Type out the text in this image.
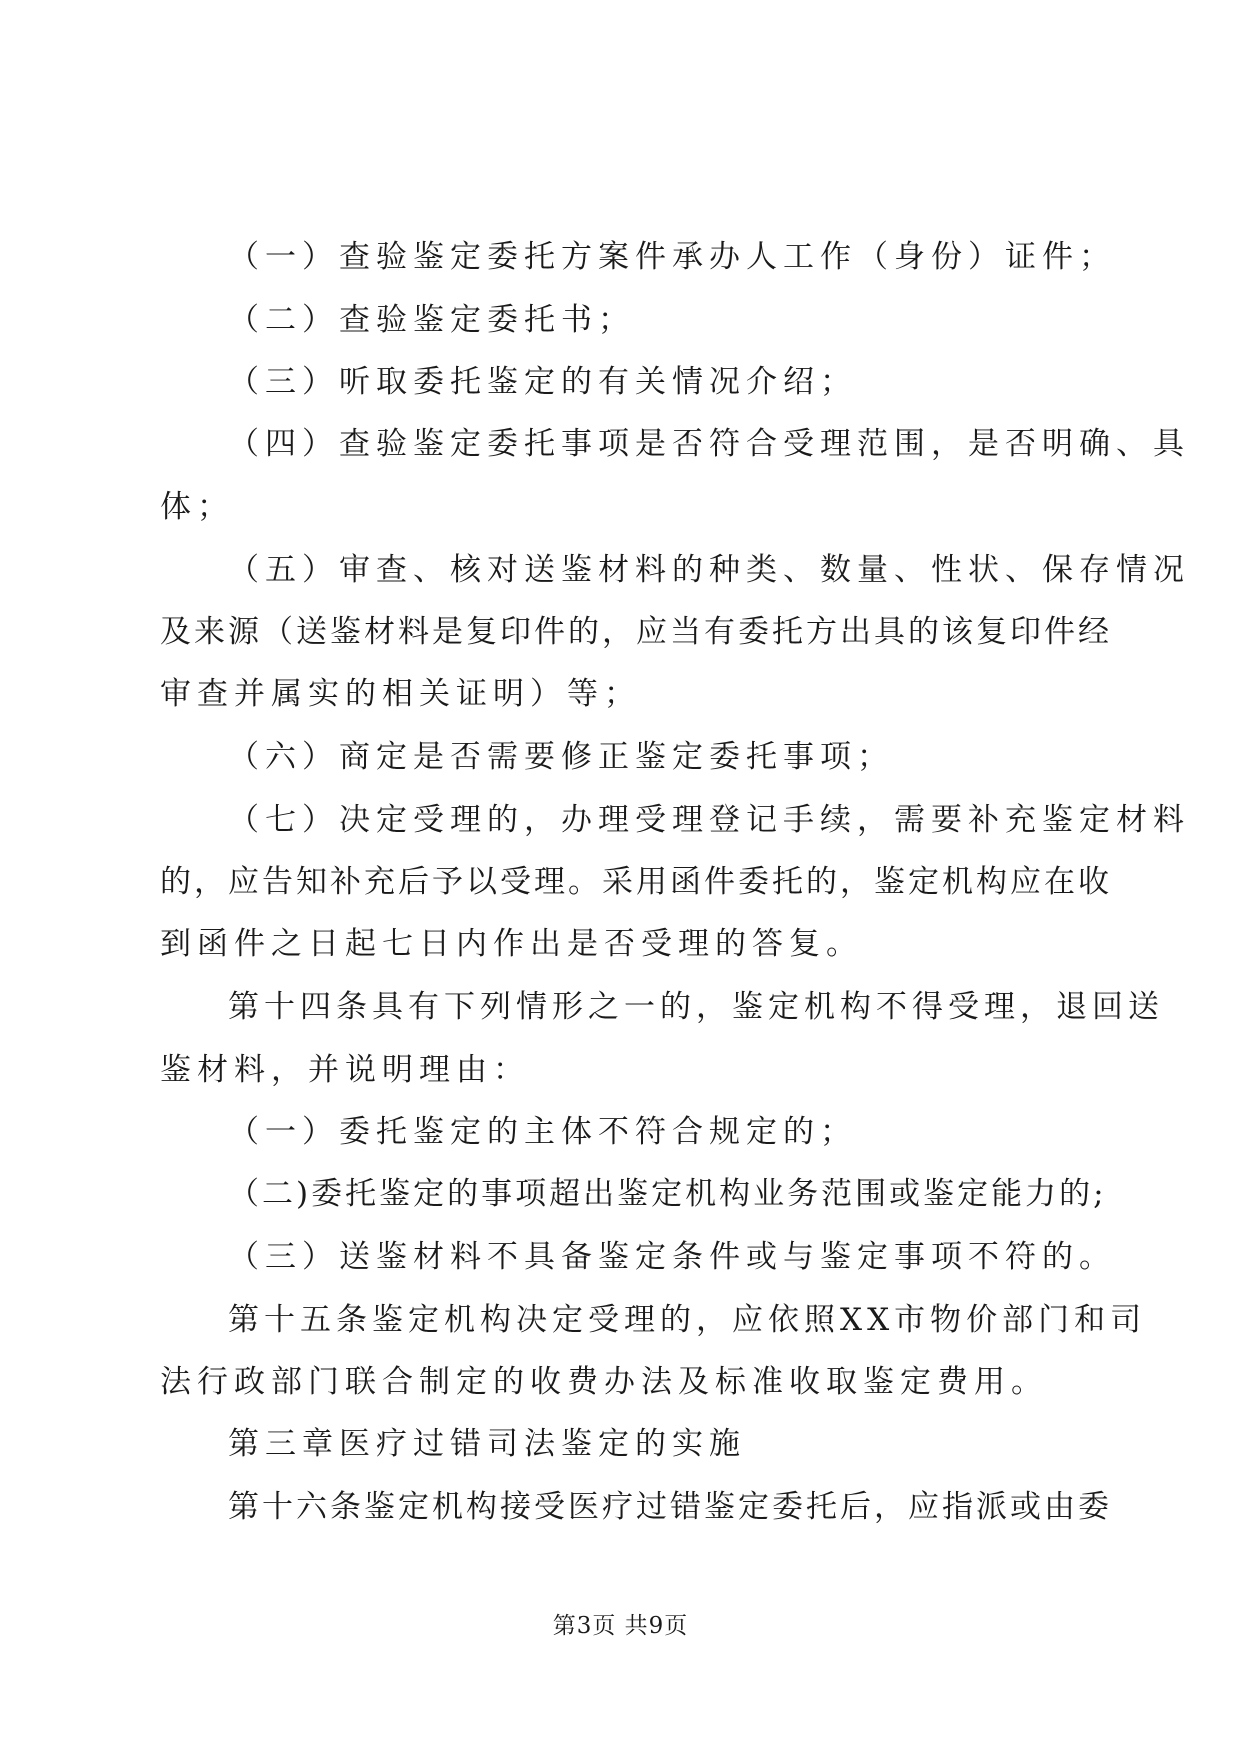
（一）查验鉴定委托方案件承办人工作（身份）证件；
（二）查验鉴定委托书；
（三）听取委托鉴定的有关情况介绍；
（四）查验鉴定委托事项是否符合受理范围，是否明确、具
体；
（五）审查、核对送鉴材料的种类、数量、性状、保存情况
及来源（送鉴材料是复印件的，应当有委托方出具的该复印件经
审查并属实的相关证明）等；
（六）商定是否需要修正鉴定委托事项；
（七）决定受理的，办理受理登记手续，需要补充鉴定材料
的，应告知补充后予以受理。采用函件委托的，鉴定机构应在收
到函件之日起七日内作出是否受理的答复。
第十四条具有下列情形之一的，鉴定机构不得受理，退回送
鉴材料，并说明理由：
（一）委托鉴定的主体不符合规定的；
（二)委托鉴定的事项超出鉴定机构业务范围或鉴定能力的;
（三）送鉴材料不具备鉴定条件或与鉴定事项不符的。
第十五条鉴定机构决定受理的，应依照XX市物价部门和司
法行政部门联合制定的收费办法及标准收取鉴定费用。
第三章医疗过错司法鉴定的实施
第十六条鉴定机构接受医疗过错鉴定委托后，应指派或由委
第3页 共9页
